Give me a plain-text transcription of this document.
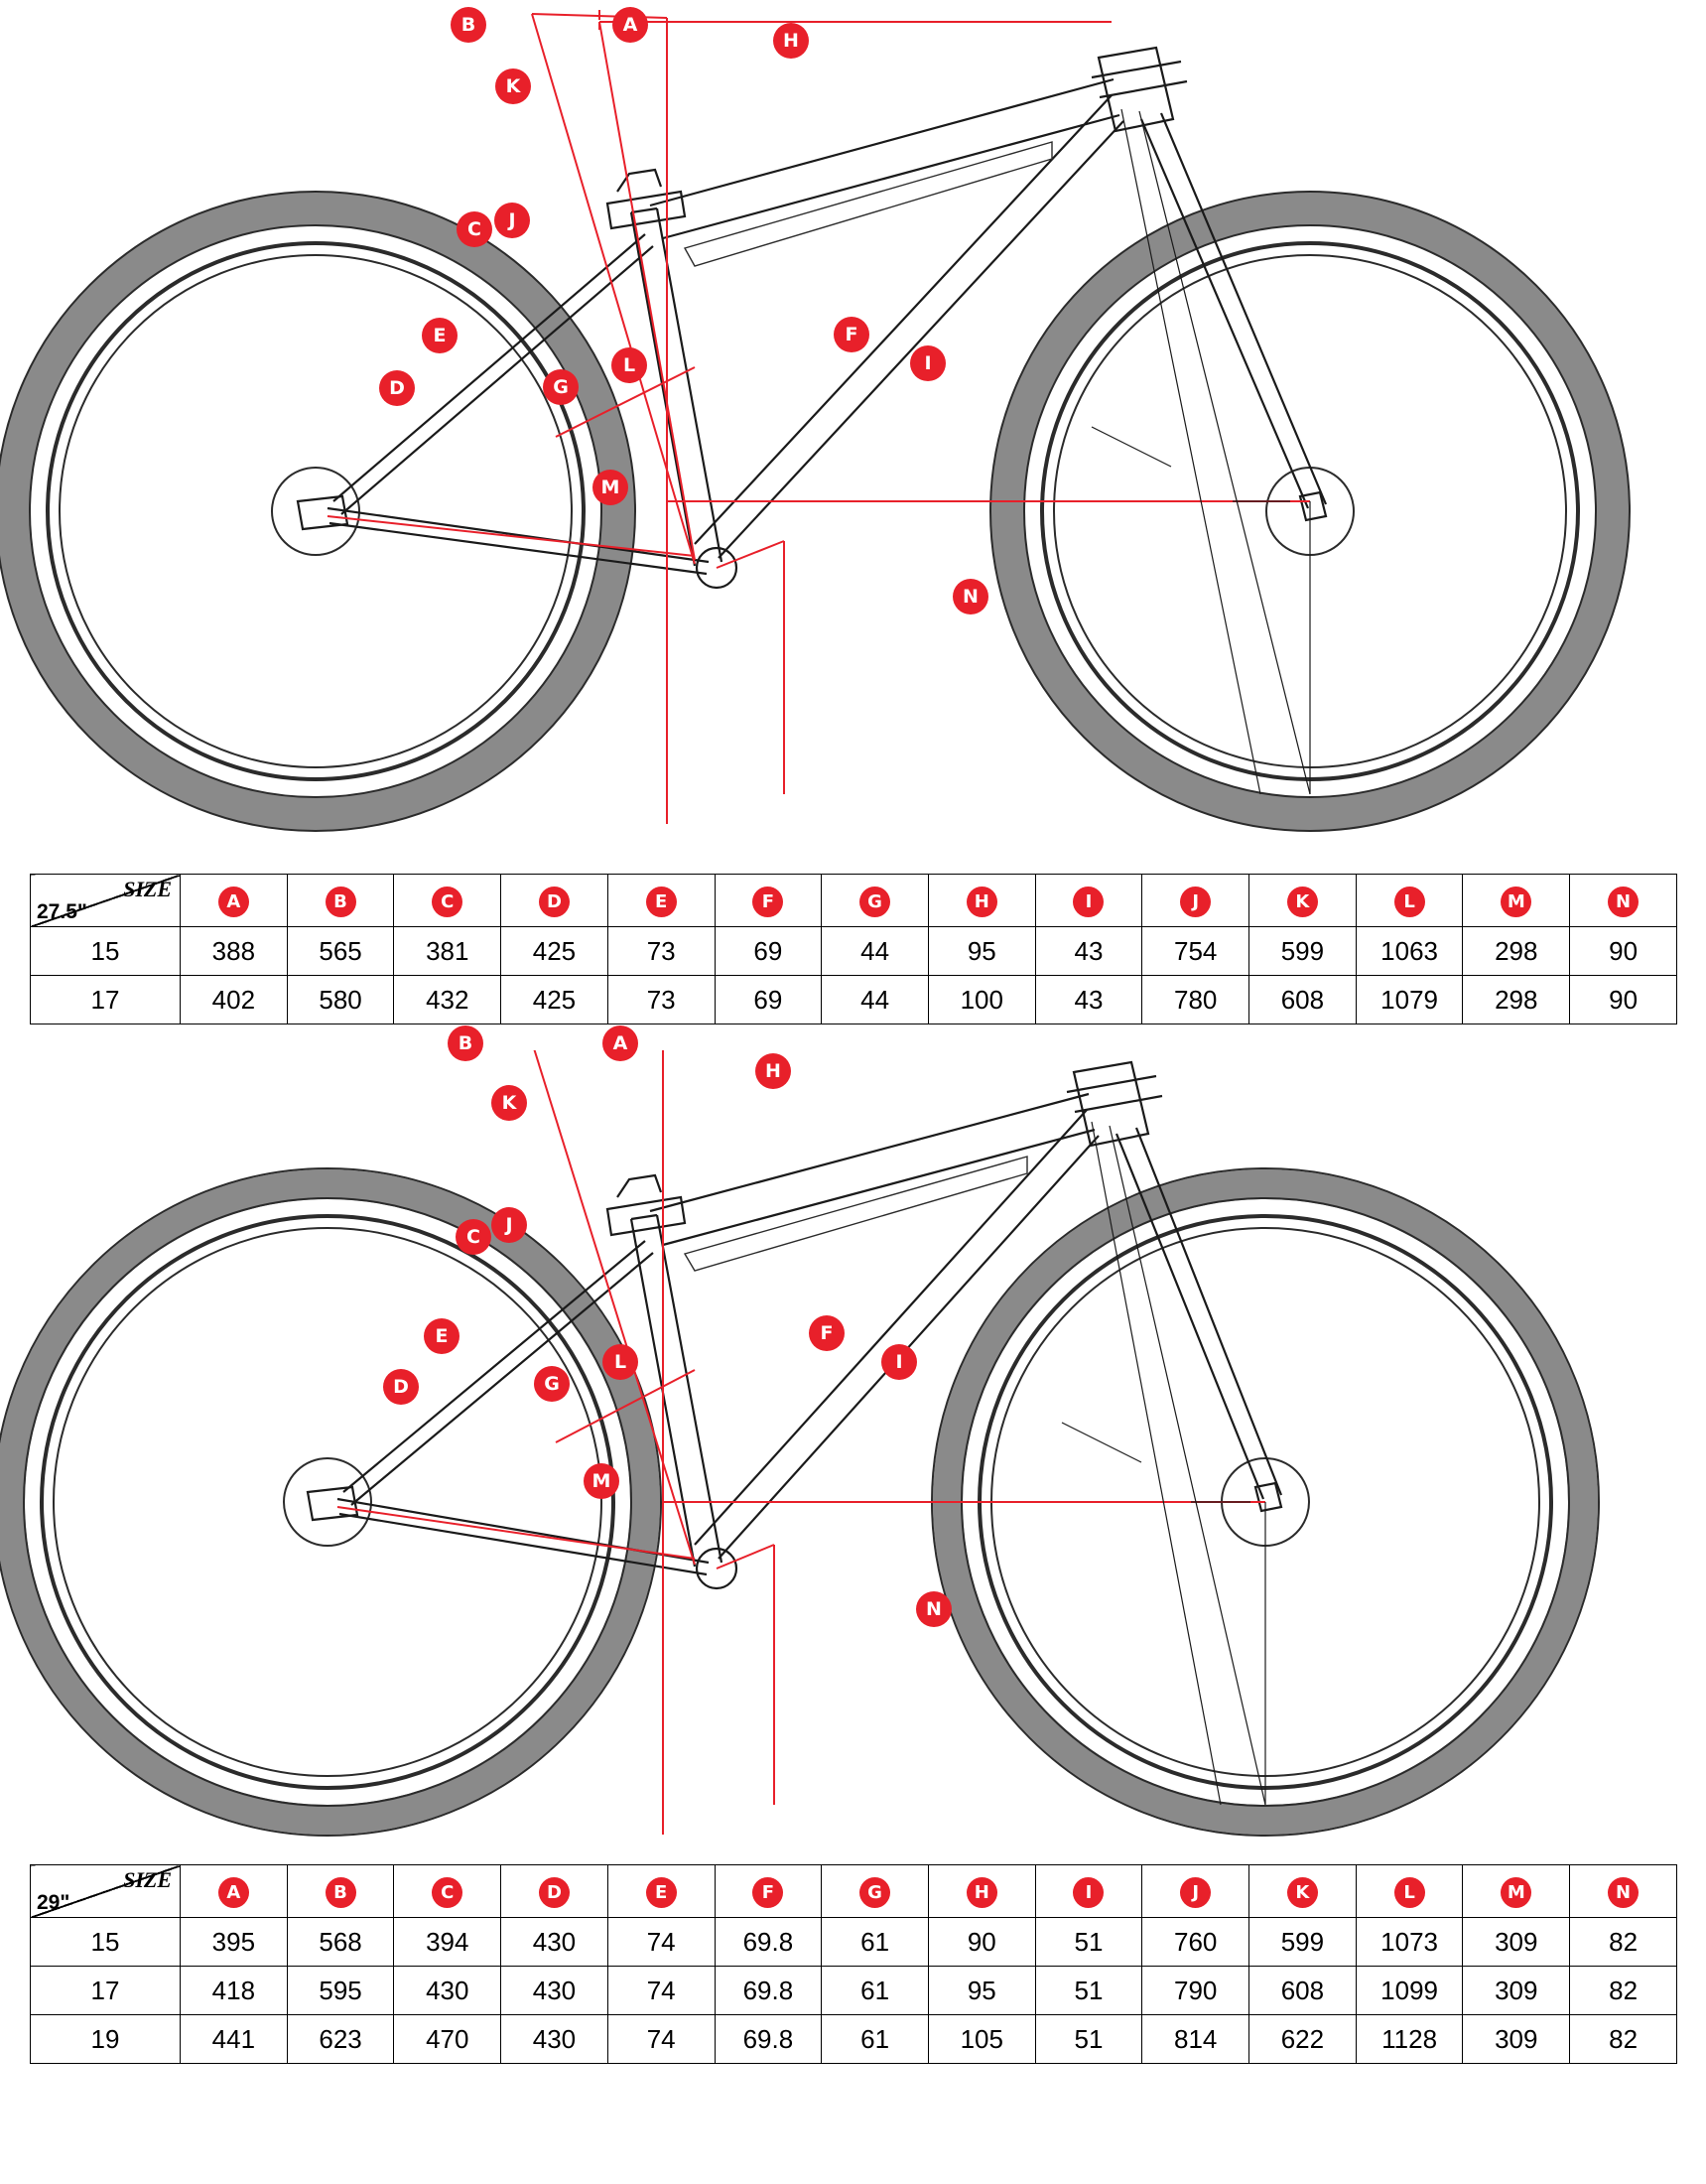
A
B
C
D
E	F
G
H
I
J
K
L
M
N
SIZE
27.5"	A	B	C	D	E	F	G	H	I	J	K	L	M	N
15	388	565	381	425	73	69	44	95	43	754	599	1063	298	90
17	402	580	432	425	73	69	44	100	43	780	608	1079	298	90
A
B
C
D
E	F
G
H
I
J
K
L
M
N
SIZE
29"	A	B	C	D	E	F	G	H	I	J	K	L	M	N
15	395	568	394	430	74	69.8	61	90	51	760	599	1073	309	82
17	418	595	430	430	74	69.8	61	95	51	790	608	1099	309	82
19	441	623	470	430	74	69.8	61	105	51	814	622	1128	309	82
